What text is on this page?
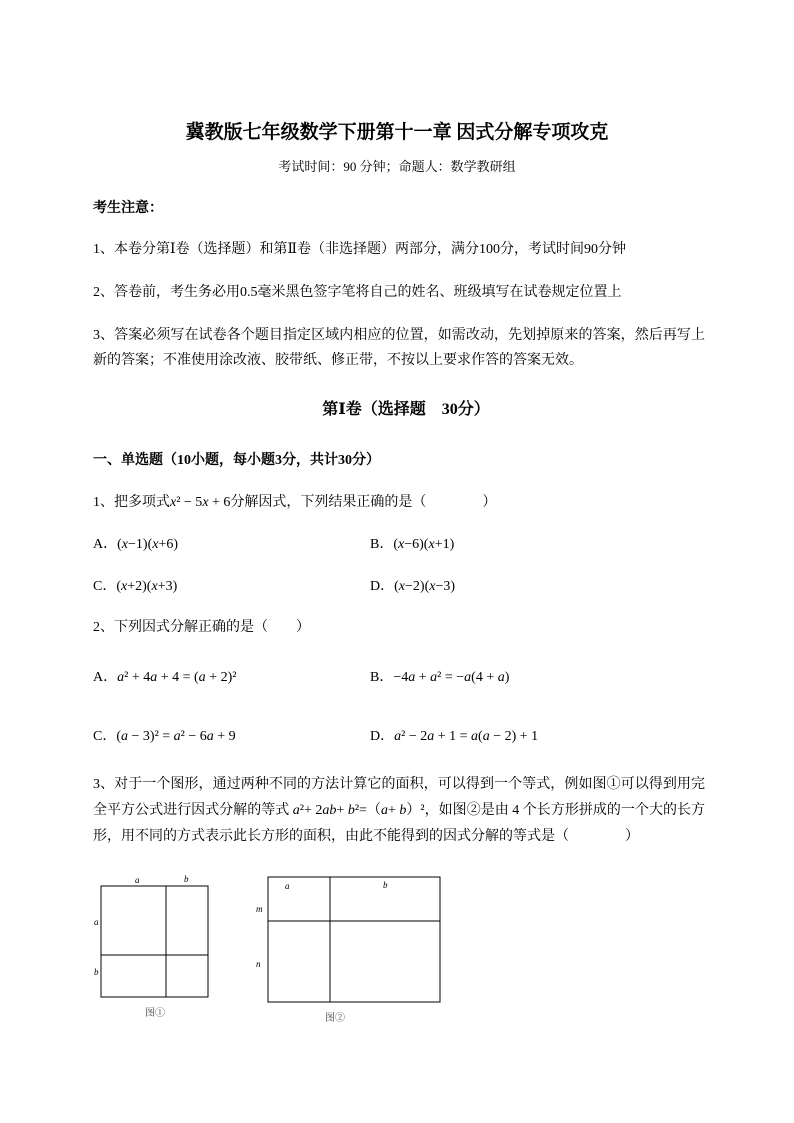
冀教版七年级数学下册第十一章 因式分解专项攻克
考试时间：90 分钟；命题人：数学教研组
考生注意：
1、本卷分第Ⅰ卷（选择题）和第Ⅱ卷（非选择题）两部分，满分100分，考试时间90分钟
2、答卷前，考生务必用0.5毫米黑色签字笔将自己的姓名、班级填写在试卷规定位置上
3、答案必须写在试卷各个题目指定区域内相应的位置，如需改动，先划掉原来的答案，然后再写上新的答案；不准使用涂改液、胶带纸、修正带，不按以上要求作答的答案无效。
第Ⅰ卷（选择题　30分）
一、单选题（10小题，每小题3分，共计30分）
1、把多项式x² − 5x + 6分解因式，下列结果正确的是（　　　　）
A．(x−1)(x+6)	B．(x−6)(x+1)
C．(x+2)(x+3)	D．(x−2)(x−3)
2、下列因式分解正确的是（　　）
A．a² + 4a + 4 = (a + 2)²	B．−4a + a² = −a(4 + a)
C．(a − 3)² = a² − 6a + 9	D．a² − 2a + 1 = a(a − 2) + 1
3、对于一个图形，通过两种不同的方法计算它的面积，可以得到一个等式，例如图①可以得到用完全平方公式进行因式分解的等式 a²+ 2ab+ b²=（a+ b）²，如图②是由 4 个长方形拼成的一个大的长方形，用不同的方式表示此长方形的面积，由此不能得到的因式分解的等式是（　　　　）
a	b
a
b
图①
a	b
m
n
图②
